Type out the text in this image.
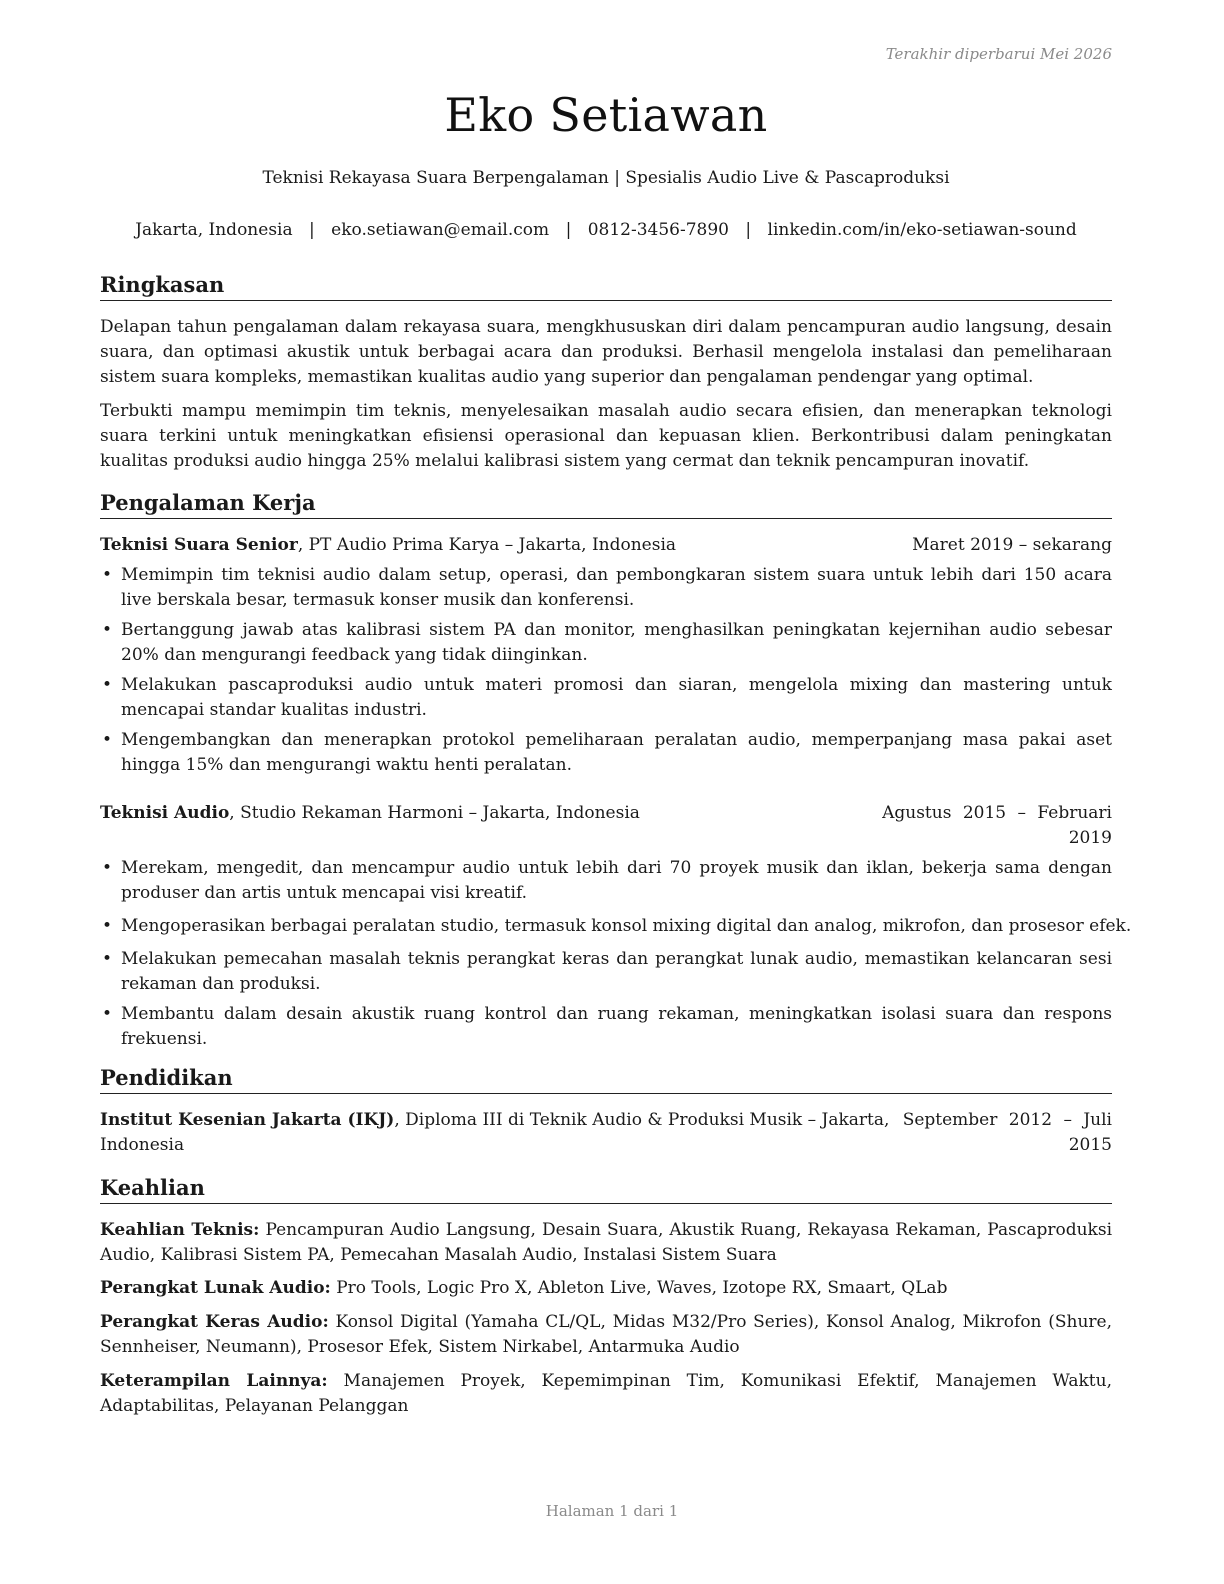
Terakhir diperbarui Mei 2026
Eko Setiawan
Teknisi Rekayasa Suara Berpengalaman | Spesialis Audio Live & Pascaproduksi
Jakarta, Indonesia | eko.setiawan@email.com | 0812-3456-7890 | linkedin.com/in/eko-setiawan-sound
Ringkasan
Delapan tahun pengalaman dalam rekayasa suara, mengkhususkan diri dalam pencampuran audio langsung, desain suara, dan optimasi akustik untuk berbagai acara dan produksi. Berhasil mengelola instalasi dan pemeliharaan sistem suara kompleks, memastikan kualitas audio yang superior dan pengalaman pendengar yang optimal.
Terbukti mampu memimpin tim teknis, menyelesaikan masalah audio secara efisien, dan menerapkan teknologi suara terkini untuk meningkatkan efisiensi operasional dan kepuasan klien. Berkontribusi dalam peningkatan kualitas produksi audio hingga 25% melalui kalibrasi sistem yang cermat dan teknik pencampuran inovatif.
Pengalaman Kerja
Teknisi Suara Senior, PT Audio Prima Karya – Jakarta, Indonesia	Maret 2019 – sekarang
• Memimpin tim teknisi audio dalam setup, operasi, dan pembongkaran sistem suara untuk lebih dari 150 acara live berskala besar, termasuk konser musik dan konferensi.
• Bertanggung jawab atas kalibrasi sistem PA dan monitor, menghasilkan peningkatan kejernihan audio sebesar 20% dan mengurangi feedback yang tidak diinginkan.
• Melakukan pascaproduksi audio untuk materi promosi dan siaran, mengelola mixing dan mastering untuk mencapai standar kualitas industri.
• Mengembangkan dan menerapkan protokol pemeliharaan peralatan audio, memperpanjang masa pakai aset hingga 15% dan mengurangi waktu henti peralatan.
Teknisi Audio, Studio Rekaman Harmoni – Jakarta, Indonesia	Agustus 2015 – Februari
2019
• Merekam, mengedit, dan mencampur audio untuk lebih dari 70 proyek musik dan iklan, bekerja sama dengan produser dan artis untuk mencapai visi kreatif.
• Mengoperasikan berbagai peralatan studio, termasuk konsol mixing digital dan analog, mikrofon, dan prosesor efek.
• Melakukan pemecahan masalah teknis perangkat keras dan perangkat lunak audio, memastikan kelancaran sesi rekaman dan produksi.
• Membantu dalam desain akustik ruang kontrol dan ruang rekaman, meningkatkan isolasi suara dan respons frekuensi.
Pendidikan
Institut Kesenian Jakarta (IKJ), Diploma III di Teknik Audio & Produksi Musik – Jakarta,
Indonesia
September 2012 – Juli
2015
Keahlian
Keahlian Teknis: Pencampuran Audio Langsung, Desain Suara, Akustik Ruang, Rekayasa Rekaman, Pascaproduksi Audio, Kalibrasi Sistem PA, Pemecahan Masalah Audio, Instalasi Sistem Suara
Perangkat Lunak Audio: Pro Tools, Logic Pro X, Ableton Live, Waves, Izotope RX, Smaart, QLab
Perangkat Keras Audio: Konsol Digital (Yamaha CL/QL, Midas M32/Pro Series), Konsol Analog, Mikrofon (Shure, Sennheiser, Neumann), Prosesor Efek, Sistem Nirkabel, Antarmuka Audio
Keterampilan Lainnya: Manajemen Proyek, Kepemimpinan Tim, Komunikasi Efektif, Manajemen Waktu, Adaptabilitas, Pelayanan Pelanggan
Halaman 1 dari 1
